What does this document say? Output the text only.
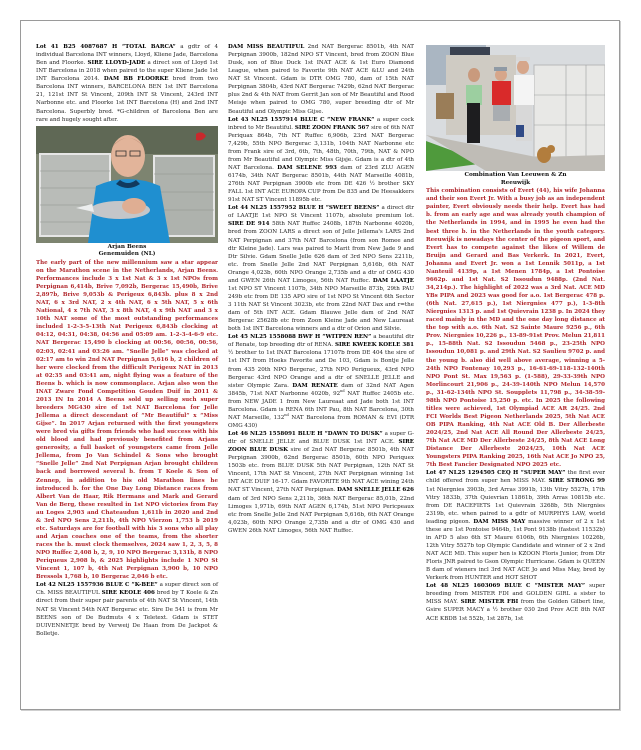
Lot 41 B25 4087687 H “TOTAL BARCA” a gdtr of 4 individual Barcelona INT winners, Lloyd, Kliene Jade, Barcelona Ben and Floorke. SIRE LLOYD-JADE a direct son of Lloyd 1st INT Barcelona in 2018 when paired to the super Kliene Jade 1st INT Barcelona 2014. DAM BB FLOORKE bred from two Barcelona INT winners, BARCELONA BEN 1st INT Barcelona 21, 121st INT St Vincent, 209th INT St Vincent, 243rd INT Narbonne etc. and Floorke 1st INT Barcelona (H) and 2nd INT Barcelona. Superbly bred. *G-children of Barcelona Ben are rare and hugely sought after.

Arjan Beens
Genemuiden (NL)

The early part of the new millennium saw a star appear on the Marathon scene in the Netherlands, Arjan Beens. Performances include 3 x 1st Nat & 3 x 1st NPOs from Perpignan 6,414b, Brive 7,092b, Bergerac 15,490b, Brive 2,897b, Brive 9,053b & Perigeux 6,843b. plus 8 x 2nd NAT, 6 x 3rd NAT, 2 x 4th NAT, 6 x 5th NAT, 5 x 6th National, 4 x 7th NAT, 3 x 8th NAT, 4 x 9th NAT and 3 x 10th NAT some of the most outstanding performances included 1-2-3-5-13th Nat Perigeux 6,843b clocking at 04:12, 04:31, 04:38, 04:56 and 05:09 am. 1-2-3-4-6-9 etc. NAT Bergerac 15,490 b clocking at 00:56, 00:56, 00:56, 02:03, 02:41 and 03:26 am. “Snelle Jelle” was clocked at 02:17 am to win 2nd NAT Perpignan 5,616 b, 2 children of her were clocked from the difficult Perigeux NAT in 2013 at 02:35 and 03:41 am, night flying was a feature of the Beens b. which is now commonplace. Arjan also won the INAT Zware Fond Competition Gouden Duif in 2011 & 2013 IN In 2014 A Beens sold up selling such super breeders MG430 sire of 1st NAT Barcelona for Jelle Jellema a direct descendant of “Mr Beautiful” x “Miss Gijse”. In 2017 Arjan returned with the first youngsters were bred via gifts from friends who had success with his old blood and had previously benefited from Arjans generosity, a full basket of youngsters came from Jelle Jellema, from Jo Van Schindel & Sons who brought “Snelle Jelle” 2nd Nat Perpignan Arjan brought children back and borrowed several b. from T Koele & Son of Zennep, in addition to his old Marathon lines he introduced b. for the One Day Long Distance races from Albert Van de Haar, Rik Hermans and Mark and Gerard Van de Berg, these resulted in 1st NPO victories from Fay au Loges 2,903 and Chateaudun 1,611b in 2020 and 2nd & 3rd NPO Sens 2,211b, 4th NPO Vierzon 1,753 b 2019 etc. Saturdays are for football with his 3 sons who all play and Arjan coaches one of the teams, from the shorter races the b. must clock themselves, 2024 saw 1, 2, 3, 5, 8 NPO Ruffec 2,408 b, 2, 9, 10 NPO Bergerac 3,131b, 8 NPO Periqueus 2,908 b, & 2025 highlights include 1 NPO St Vincent 1, 107 b, 4th Nat Perpignan 3,900 b, 10 NPO Bressols 1,768 b, 10 Bergerac 2,046 b etc.

Lot 42 NL25 1557936 BLUE C “K-BEE” a super direct son of Ch. MISS BEAUTIFUL SIRE KEOLE 406 bred by T Koele & Zn direct from their super pair parents of 4th NAT St Vincent, 14th NAT St Vincent 54th NAT Bergerac etc. Sire De 541 is from Mr BEENS son of De Budmuts 4 x Teletext. Gdam is STET DUIVENNETJE bred by Verweij De Haan from De Jackpot & Bolletje.

DAM MISS BEAUTIFUL 2nd NAT Bergerac 8501b, 4th NAT Perpignan 3900b, 182nd NPO ST Vincent, bred from ZOON Blue Dusk, son of Blue Duck 1st INAT ACE & 1st Euro Diamond League, when paired to Favorite 9th NAT ACE &LU and 24th NAT St Vincent. Gdam is DTR OMG 780, dam of 15th NAT Perpignan 3804b, 43rd NAT Bergerac 7429b, 62nd NAT Bergerac plus 2nd & 4th NAT from Gerrit Jan son of Mr Beautiful and Rood Meisje when paired to OMG 780, super breeding dtr of Mr Beautiful and Olympic Miss Gijse.

Lot 43 NL25 1557914 BLUE C “NEW FRANK” a super cock inbred to Mr Beautiful. SIRE ZOON FRANK 567 sire of 6th NAT Periquax 864b, 7th NT Ruffec 6,906b, 23rd NAT Bergerac 7,429b, 55th NPO Bergerac 3,131b, 104th NAT Narbonne etc from Frank sire of 3rd, 6th, 7th, 48th, 70th, 79th, NAT & NPO from Mr Beautiful and Olympic Miss Gijsje. Gdam is a dtr of 4th NAT Barcelona. DAM SELENE 993 dam of 23rd ZLU AGEN 6174b, 34th NAT Bergerac 8501b, 44th NAT Marseille 4081b, 276th NAT Perpignan 3900b etc from DE 426 ½ brother SKY FALL 1st INT ACE EUROPA CUP from De 835 and De Heesakkers 91st NAT ST Vincent 11895b etc.

Lot 44 NL25 1557952 BLUE H “SWEET BEENS” a direct dtr of LAATJE 1st NPO St Vincent 1107b, absolute premium lot. SIRE DE 914 58th NAT Ruffec 2408b, 187th Narbonne 4020b, bred from ZOON LARS a direct son of Jelle Jellema's LARS 2nd NAT Perpignan and 37th NAT Barcelona (from son Romee and dtr Kleine Jade). Lars was paired to Marit from New Jade 9 and Dtr Silvie. Gdam Snelle Jelle 626 dam of 3rd NPO Sens 2211b, etc. from Snelle Jelle 2nd NAT Perpignan 5,616b, 6th NAT Orange 4,023b, 60th NPO Orange 2,735b and a dtr of OMG 430 and GWEN 26th NAT Limoges, 56th NAT Ruffec. DAM LAATJE 1st NPO ST Vincent 1107b, 34th NPO Marseille 873b, 29th PAU 249b etc from DE 135 APO sire of 1st NPO St Vincent 6th Sector 3 11th NAT St Vincent 3023b, etc from 22nd NAT Dax and r=the dam of 5th INT ACE. Gdam Blauwe Jelle dam of 2nd NAT Bergerac 25628b etc from Zoon Kleine Jade and New Laureaat both 1st INT Barcelona winners and a dtr of Orion and Silvie.

Lot 45 NL25 1558088 BWF H “WITPEN REN” a beautiful dtr of Renate, top breeding dtr of RENA. SIRE KWEEK KOELE 381 ½ brother to 1st INAT Barcelona 17107b from DE 404 the sire of 1st INT from Hoeks Favorite and De 103, Gdam is Bontje Jelle from 435 20th NPO Bergerac, 27th NPO Perigueux, 43rd NPO Bergerac 43rd NPO Orange and a dtr of SNELLE JELLE and sister Olympic Zara. DAM RENATE dam of 32nd NAT Agen 3845b, 71st NAT Narbonne 4020b, 92nd NAT Ruffec 2405b etc. from NEW JADE 1 from New Laureaat and Jade both 1st INT Barcelona. Gdam is RENA 6th INT Pau, 8th NAT Barcelona, 30th NAT Marseille, 132nd NAT Barcelona from ROMAN & EVI (DTR OMG 430)

Lot 46 NL25 1558091 BLUE H “DAWN TO DUSK” a super G-dtr of SNELLE JELLE and BLUE DUSK 1st INT ACE. SIRE ZOON BLUE DUSK sire of 2nd NAT Bergerac 8501b, 4th NAT Perpignan 3900b, 62nd Bergerac 8501b, 60th NPO Periquex 1503b etc. from BLUE DUSK 5th NAT Perpignan, 12th NAT St Vincent, 17th NAT St Vincent, 27th NAT Perpignan winning 1st INT ACE DUIF 16-17. Gdam FAVORITE 9th NAT ACE wining 24th NAT ST Vincent, 27th NAT Perpignan. DAM SNELLE JELLE 626 dam of 3rd NPO Sens 2,211b, 36th NAT Bergerac 85,01b, 22nd Limoges 1,971b, 69th NAT AGEN 6,174b, 51st NPO Pericpeaux etc from Snelle Jelle 2nd NAT Perpignan 5,616b, 6th NAT Orange 4,023b, 60th NPO Orange 2,735b and a dtr of OMG 430 and GWEN 26th NAT Limoges, 56th NAT Ruffec.

Combination Van Leeuwen & Zn
Reeuwijk

This combination consists of Evert (44), his wife Johanna and their son Evert Jr. With a busy job as an independent painter, Evert obviously needs their help. Evert has had b. from an early age and was already youth champion of the Netherlands in 1994, and in 1995 he even had the best three b. in the Netherlands in the youth category. Reeuwijk is nowadays the center of the pigeon sport, and Evert has to compete against the likes of Willem de Bruijn and Gerard and Bas Verkerk. In 2021, Evert, Johanna and Evert Jr. won a 1st Lennik 5011p, a 1st Nanteuil 4139p, a 1st Menen 1784p, a 1st Pontoise 9662p. and 1st Nat. S2 Issoudun 9488p. (2nd Nat. 34,214p.). The highlight of 2022 was a 3rd Nat. ACE MD YBs PIPA and 2023 was good for a.o. 1st Bergerac 478 p. (6th Nat. 27,615 p.), 1st Niergnies 477 p.), 1-3-8th Niergnies 1313 p. and 1st Quievrain 1238 p. In 2024 they raced mainly in the MD and the one day long distance at the top with a.o. 6th Nat. S2 Sainte Maure 9256 p., 6th Prov. Niergnies 10,226 p., 13-89-91st Prov. Melun 21,811 p., 15-88th Nat. S2 Issoudun 5468 p., 23-25th NPO Issoudun 10,081 p. and 29th Nat. S2 Saulieu 9702 p. and the young b. also did well above average, winning a 5-24th NPO Fontenay 10,293 p., 16-61-69-118-132-140th NPO Pont St. Max 19,563 p. (1-588), 29-33-39th NPO Morlincourt 21,906 p., 24-39-140th NPO Melun 14,570 p., 31-62-134th NPO St. Soupplets 11,798 p., 34-38-59-98th NPO Pontoise 15,250 p. etc. In 2025 the following titles were achieved, 1st Olympiad ACE AR 24/25. 2nd FCI Worlds Best Pigeon Netherlands 2025, 5th Nat ACE OB PIPA Ranking, 4th Nat ACE Old B. Der Allerbeste 2024/25, 2nd Nat ACE All Round Der Allerbeste 24/25, 7th Nat ACE MD Der Allerbeste 24/25, 8th Nat ACE Long Distance Der Allerbeste 2024/25, 10th Nat ACE Youngsters PIPA Ranking 2025, 16th Nat ACE Jo NPO 25, 7th Best Fancier Designated NPO 2025 etc.

Lot 47 NL25 1294505 CEQ H “SUPER MAY” the first ever child offered from super hen MISS MAY. SIRE STRONG 99 1st Niergnies 3903b, 3rd Arras 3991b, 13th Vitry 5527b, 17th Vitry 1833b, 37th Quievrian 11861b, 39th Arras 10815b etc. from DE RACEFIETS 1st Quievrain 3268b, 5th Niergnies 2319b, etc. when paired to a gdtr of MURPHYS LAW, world leading pigeon. DAM MISS MAY massive winner of 2 x 1st these are 1st Pontoise 9464b, 1st Pont 9138b (fastest 11532b) in AFD 5 also 6th ST Maure 6106b, 6th Niergnies 10226b, 12th Vitry 5527b top Olympic Candidate and winner of 2 x 2nd NAT ACE MD. This super hen is KZOON Floris Junior, from Dtr Floris JNR paired to Gson Olympic Hurricane. Gdam is QUEEN B dam of wieners incl 3rd NAT ACE Jo and Miss May, bred by Verkerk from HUNTER and HOT SHOT

Lot 48 NL25 1603069 BLUE C “MISTER MAY” super breeding from MISTER FDI and GOLDEN GIRL a sister to MISS MAY. SIRE MISTER FBI from the Golden Gilbert line, Gsire SUPER MACY a ½ brother 030 2nd Prov ACE 8th NAT ACE KBDB 1st 552b, 1st 287b, 1st
